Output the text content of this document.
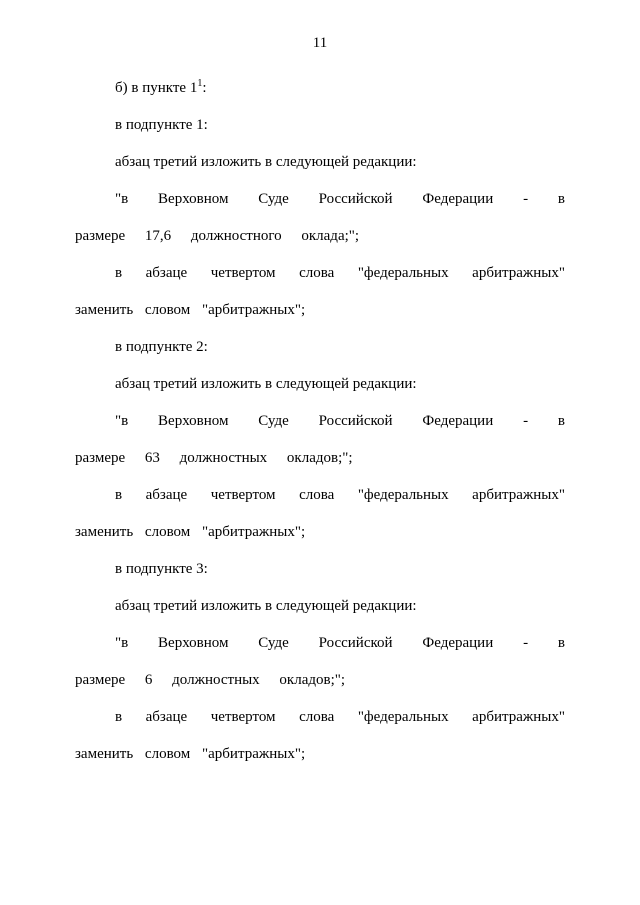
11

б) в пункте $1^1$:

в подпункте 1:

абзац третий изложить в следующей редакции:

"в Верховном Суде Российской Федерации - в размере 17,6 должностного оклада;";

в абзаце четвертом слова "федеральных арбитражных" заменить словом "арбитражных";

в подпункте 2:

абзац третий изложить в следующей редакции:

"в Верховном Суде Российской Федерации - в размере 63 должностных окладов;";

в абзаце четвертом слова "федеральных арбитражных" заменить словом "арбитражных";

в подпункте 3:

абзац третий изложить в следующей редакции:

"в Верховном Суде Российской Федерации - в размере 6 должностных окладов;";

в абзаце четвертом слова "федеральных арбитражных" заменить словом "арбитражных";
